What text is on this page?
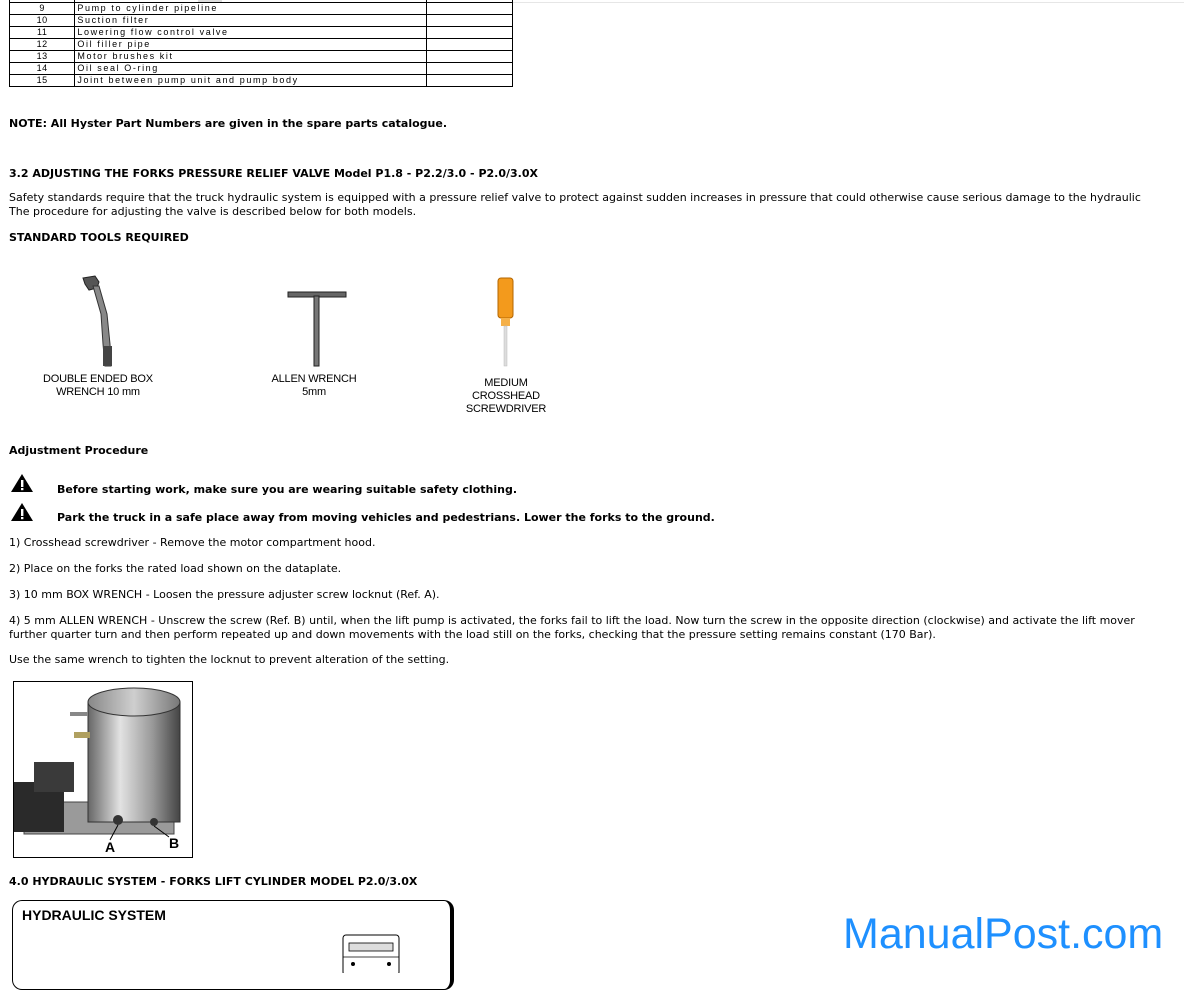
9	Pump to cylinder pipeline	
10	Suction filter	
11	Lowering flow control valve	
12	Oil filler pipe	
13	Motor brushes kit	
14	Oil seal O-ring	
15	Joint between pump unit and pump body	
NOTE: All Hyster Part Numbers are given in the spare parts catalogue.
3.2 ADJUSTING THE FORKS PRESSURE RELIEF VALVE Model P1.8 - P2.2/3.0 - P2.0/3.0X
Safety standards require that the truck hydraulic system is equipped with a pressure relief valve to protect against sudden increases in pressure that could otherwise cause serious damage to the hydraulic
The procedure for adjusting the valve is described below for both models.
STANDARD TOOLS REQUIRED
DOUBLE ENDED BOX
WRENCH 10 mm
ALLEN WRENCH
5mm
MEDIUM
CROSSHEAD
SCREWDRIVER
Adjustment Procedure
Before starting work, make sure you are wearing suitable safety clothing.
Park the truck in a safe place away from moving vehicles and pedestrians. Lower the forks to the ground.
1) Crosshead screwdriver - Remove the motor compartment hood.
2) Place on the forks the rated load shown on the dataplate.
3) 10 mm BOX WRENCH - Loosen the pressure adjuster screw locknut (Ref. A).
4) 5 mm ALLEN WRENCH - Unscrew the screw (Ref. B) until, when the lift pump is activated, the forks fail to lift the load. Now turn the screw in the opposite direction (clockwise) and activate the lift mover
further quarter turn and then perform repeated up and down movements with the load still on the forks, checking that the pressure setting remains constant (170 Bar).
Use the same wrench to tighten the locknut to prevent alteration of the setting.
A	B
4.0 HYDRAULIC SYSTEM - FORKS LIFT CYLINDER MODEL P2.0/3.0X
HYDRAULIC SYSTEM	ManualPost.com
